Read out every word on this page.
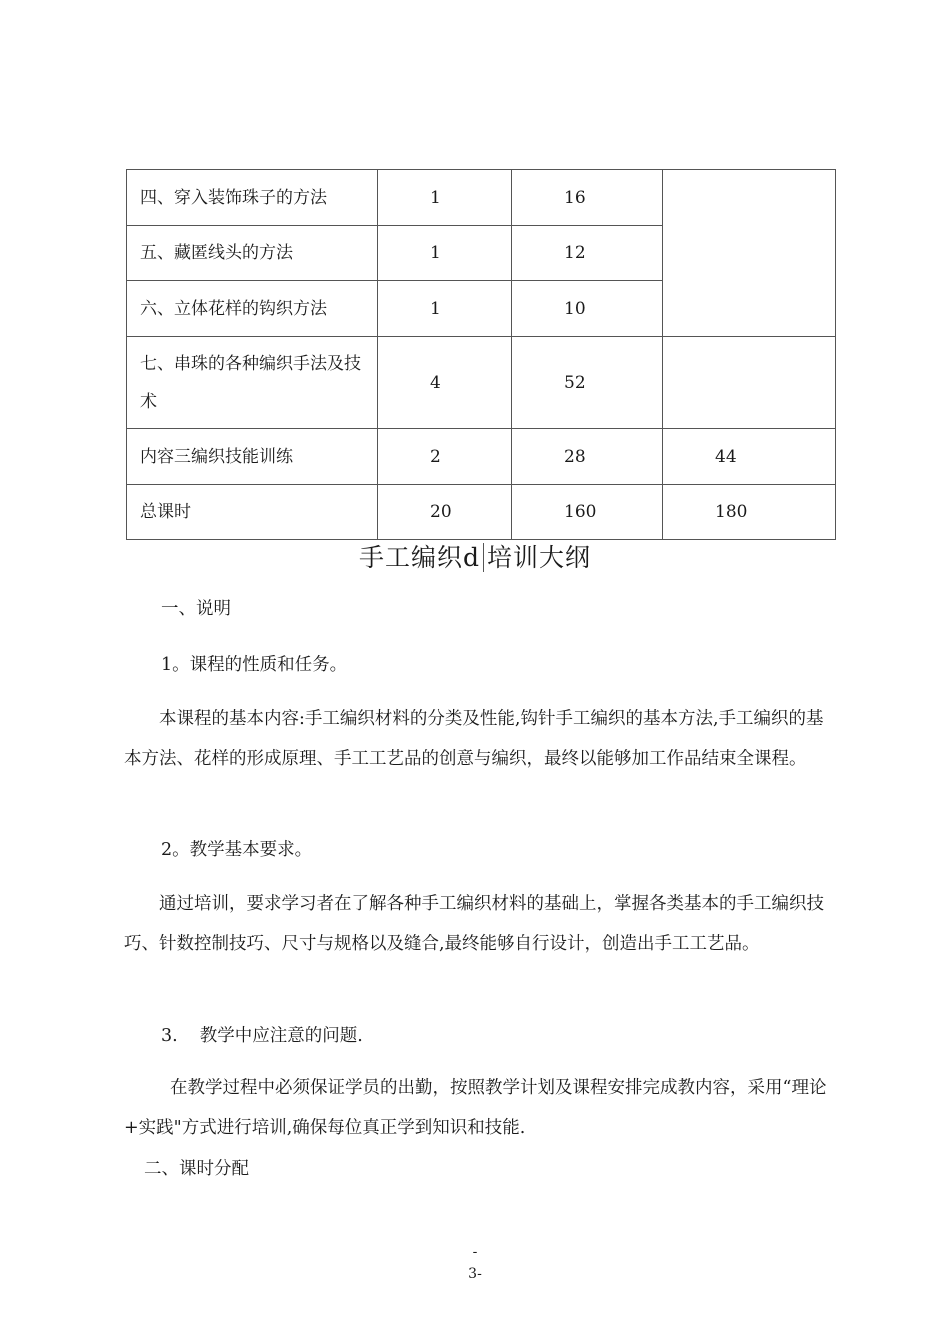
四、穿入装饰珠子的方法	1	16	
五、藏匿线头的方法	1	12	
六、立体花样的钩织方法	1	10	
七、串珠的各种编织手法及技术	4	52	
内容三编织技能训练	2	28	44
总课时	20	160	180
手工编织d 培训大纲

一、说明

1。课程的性质和任务。

本课程的基本内容:手工编织材料的分类及性能,钩针手工编织的基本方法,手工编织的基本方法、花样的形成原理、手工工艺品的创意与编织，最终以能够加工作品结束全课程。

2。教学基本要求。

通过培训，要求学习者在了解各种手工编织材料的基础上，掌握各类基本的手工编织技巧、针数控制技巧、尺寸与规格以及缝合,最终能够自行设计，创造出手工工艺品。

3. 教学中应注意的问题.

在教学过程中必须保证学员的出勤，按照教学计划及课程安排完成教内容，采用“理论+实践"方式进行培训,确保每位真正学到知识和技能.

二、课时分配

-
3-
